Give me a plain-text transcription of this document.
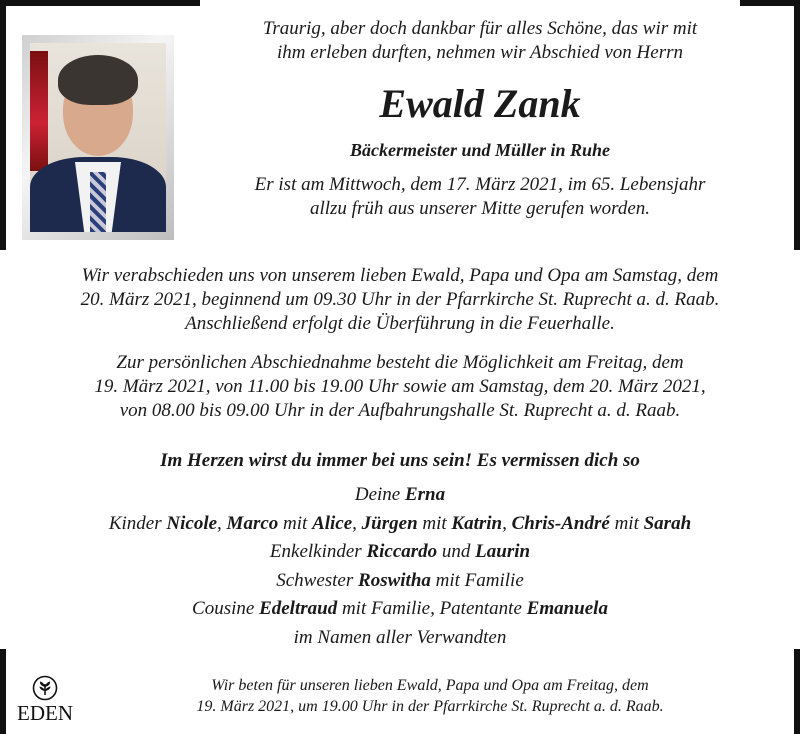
Traurig, aber doch dankbar für alles Schöne, das wir mit
ihm erleben durften, nehmen wir Abschied von Herrn
Ewald Zank
Bäckermeister und Müller in Ruhe
Er ist am Mittwoch, dem 17. März 2021, im 65. Lebensjahr
allzu früh aus unserer Mitte gerufen worden.
Wir verabschieden uns von unserem lieben Ewald, Papa und Opa am Samstag, dem
20. März 2021, beginnend um 09.30 Uhr in der Pfarrkirche St. Ruprecht a. d. Raab.
Anschließend erfolgt die Überführung in die Feuerhalle.
Zur persönlichen Abschiednahme besteht die Möglichkeit am Freitag, dem
19. März 2021, von 11.00 bis 19.00 Uhr sowie am Samstag, dem 20. März 2021,
von 08.00 bis 09.00 Uhr in der Aufbahrungshalle St. Ruprecht a. d. Raab.
Im Herzen wirst du immer bei uns sein! Es vermissen dich so
Deine Erna
Kinder Nicole, Marco mit Alice, Jürgen mit Katrin, Chris-André mit Sarah
Enkelkinder Riccardo und Laurin
Schwester Roswitha mit Familie
Cousine Edeltraud mit Familie, Patentante Emanuela
im Namen aller Verwandten
EDEN
Wir beten für unseren lieben Ewald, Papa und Opa am Freitag, dem
19. März 2021, um 19.00 Uhr in der Pfarrkirche St. Ruprecht a. d. Raab.
